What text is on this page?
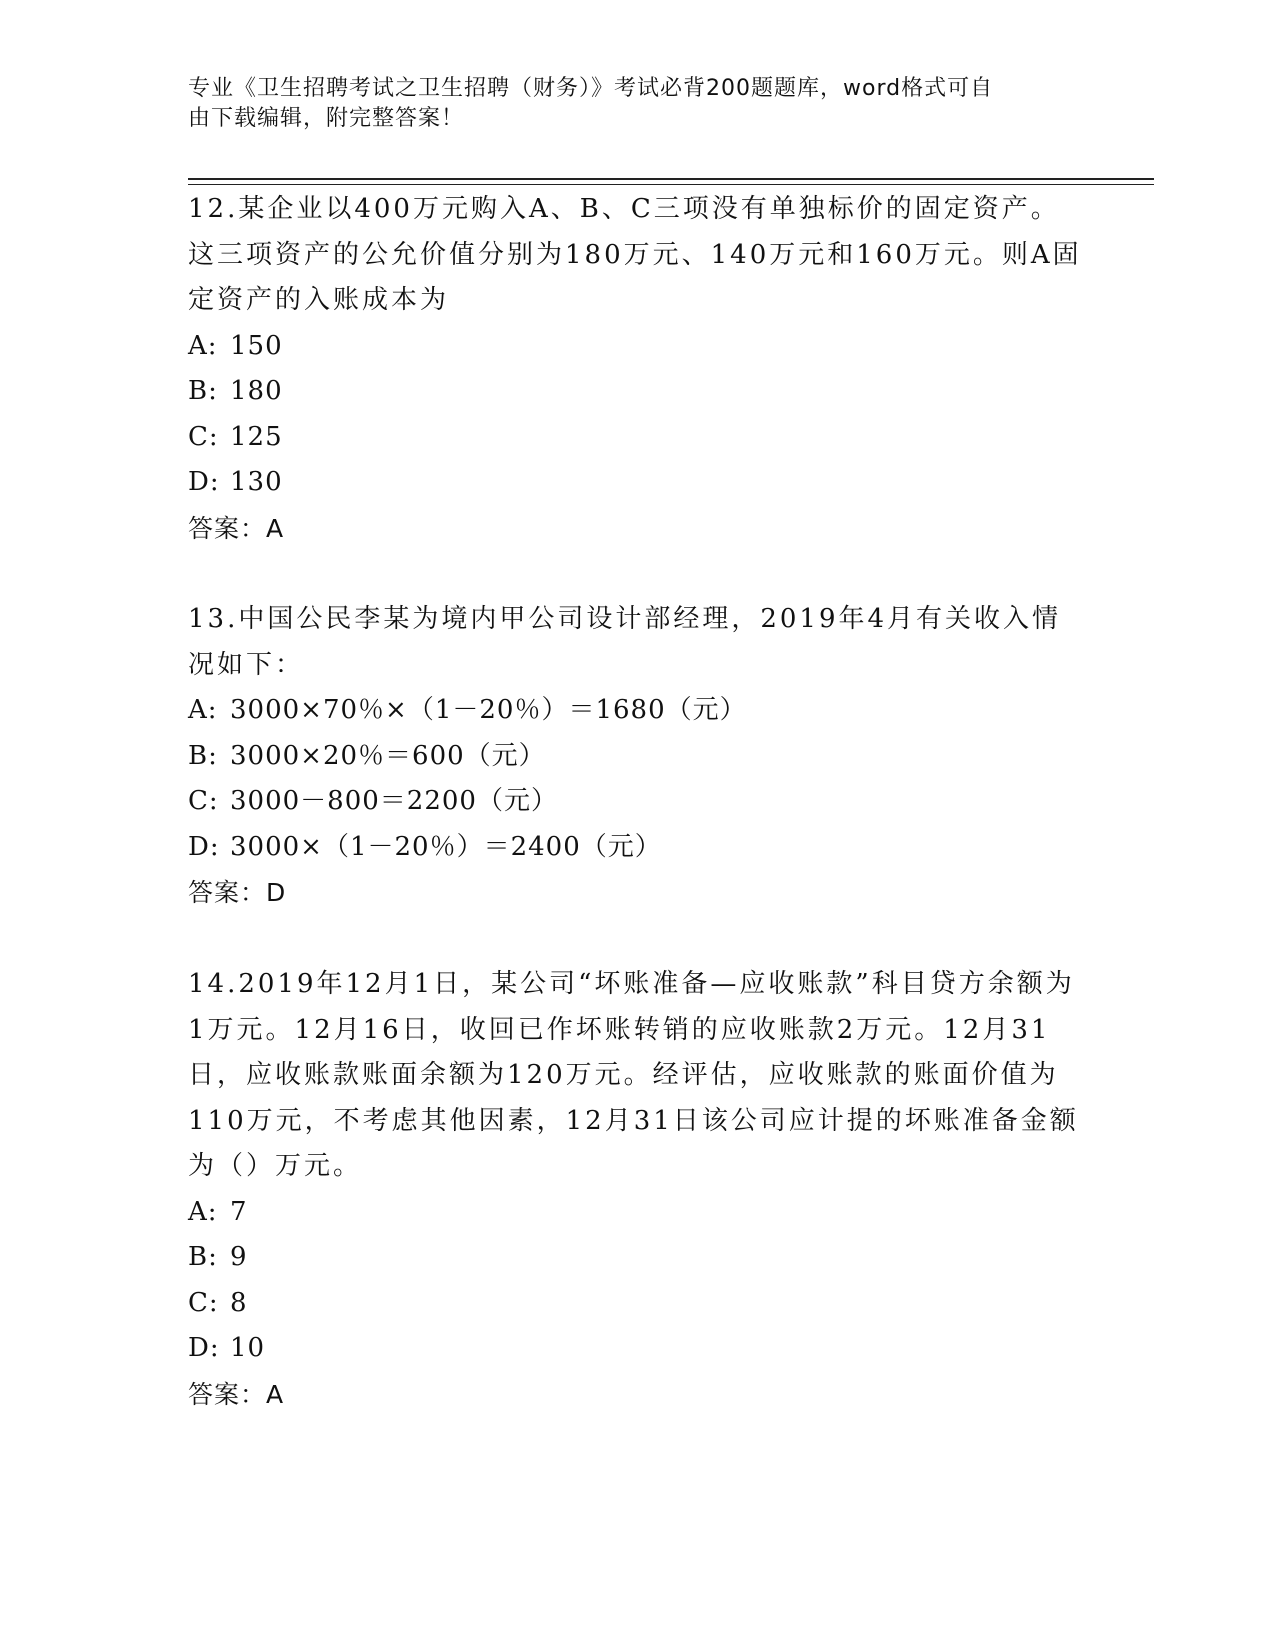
专业《卫生招聘考试之卫生招聘（财务）》考试必背200题题库，word格式可自
由下载编辑，附完整答案！

12.某企业以400万元购入A、B、C三项没有单独标价的固定资产。这三项资产的公允价值分别为180万元、140万元和160万元。则A固定资产的入账成本为

A: 150

B: 180

C: 125

D: 130

答案：A

13.中国公民李某为境内甲公司设计部经理，2019年4月有关收入情况如下：

A: 3000×70％×（1－20％）＝1680（元）

B: 3000×20％＝600（元）

C: 3000－800＝2200（元）

D: 3000×（1－20％）＝2400（元）

答案：D

14.2019年12月1日，某公司“坏账准备—应收账款”科目贷方余额为1万元。12月16日，收回已作坏账转销的应收账款2万元。12月31日，应收账款账面余额为120万元。经评估，应收账款的账面价值为110万元，不考虑其他因素，12月31日该公司应计提的坏账准备金额为（）万元。

A: 7

B: 9

C: 8

D: 10

答案：A
